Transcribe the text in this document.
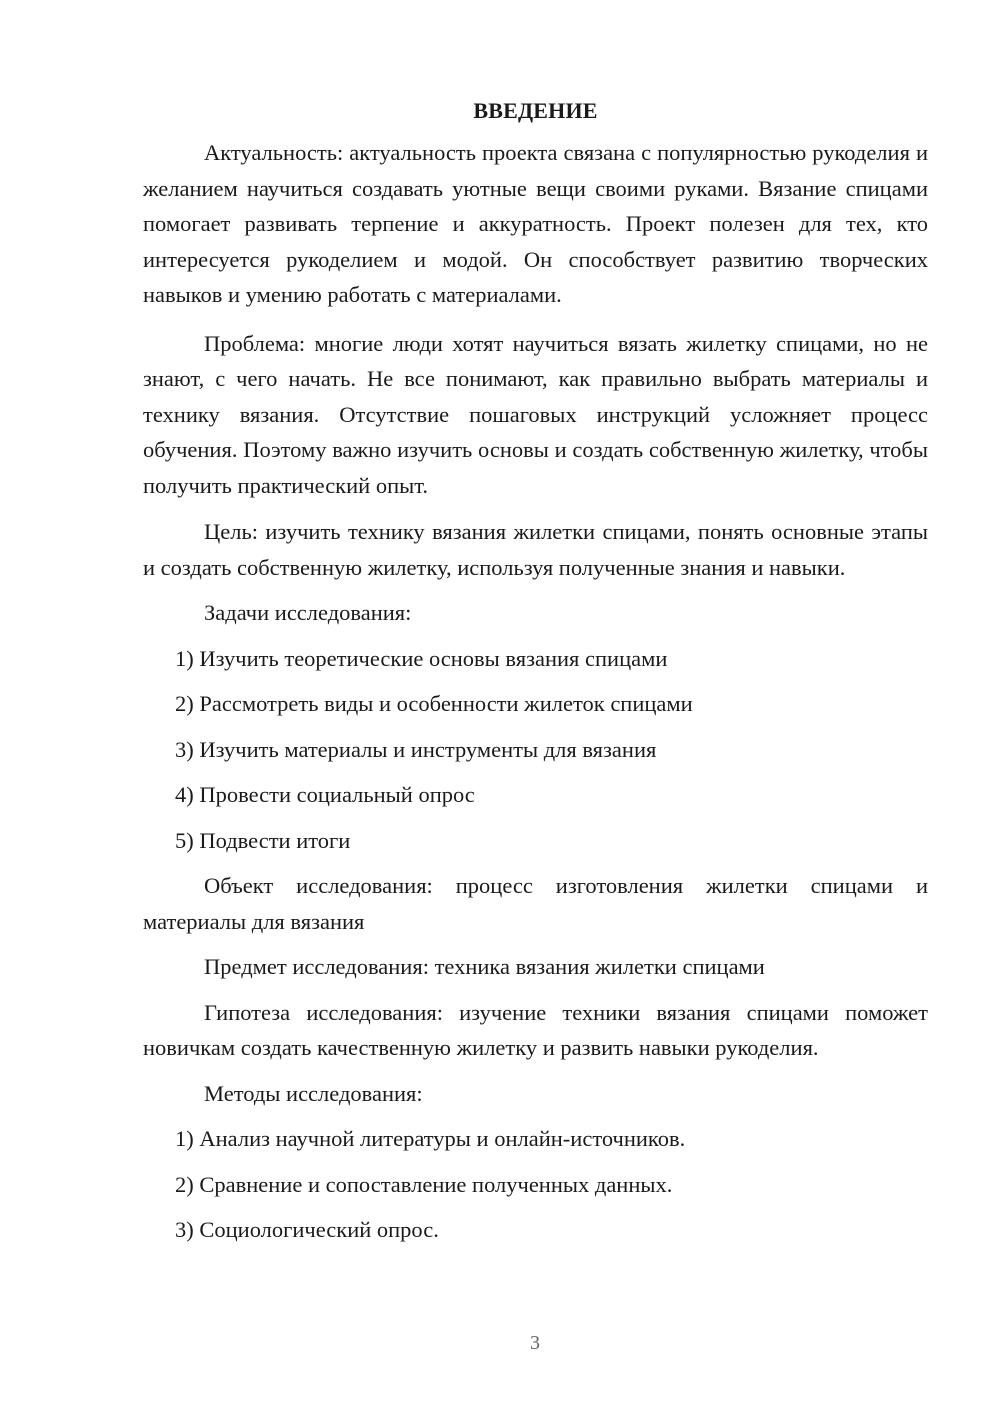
ВВЕДЕНИЕ

Актуальность: актуальность проекта связана с популярностью рукоделия и желанием научиться создавать уютные вещи своими руками. Вязание спицами помогает развивать терпение и аккуратность. Проект полезен для тех, кто интересуется рукоделием и модой. Он способствует развитию творческих навыков и умению работать с материалами.

Проблема: многие люди хотят научиться вязать жилетку спицами, но не знают, с чего начать. Не все понимают, как правильно выбрать материалы и технику вязания. Отсутствие пошаговых инструкций усложняет процесс обучения. Поэтому важно изучить основы и создать собственную жилетку, чтобы получить практический опыт.

Цель: изучить технику вязания жилетки спицами, понять основные этапы и создать собственную жилетку, используя полученные знания и навыки.

Задачи исследования:

1) Изучить теоретические основы вязания спицами

2) Рассмотреть виды и особенности жилеток спицами

3) Изучить материалы и инструменты для вязания

4) Провести социальный опрос

5) Подвести итоги

Объект исследования: процесс изготовления жилетки спицами и материалы для вязания

Предмет исследования: техника вязания жилетки спицами

Гипотеза исследования: изучение техники вязания спицами поможет новичкам создать качественную жилетку и развить навыки рукоделия.

Методы исследования:

1) Анализ научной литературы и онлайн-источников.

2) Сравнение и сопоставление полученных данных.

3) Социологический опрос.

3
